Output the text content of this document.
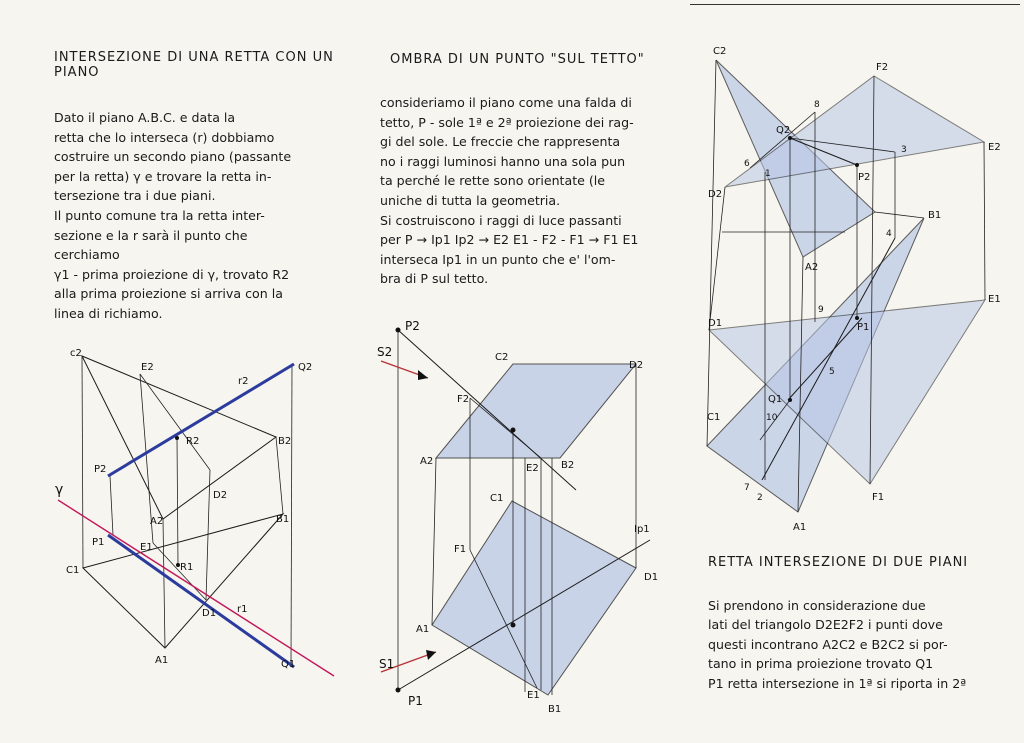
INTERSEZIONE DI UNA RETTA CON UN
PIANO
Dato il piano A.B.C. e data la
retta che lo interseca (r) dobbiamo
costruire un secondo piano (passante
per la retta) γ e trovare la retta in-
tersezione tra i due piani.
Il punto comune tra la retta inter-
sezione e la r sarà il punto che
cerchiamo
γ1 - prima proiezione di γ, trovato R2
alla prima proiezione si arriva con la
linea di richiamo.
OMBRA DI UN PUNTO "SUL TETTO"
consideriamo il piano come una falda di
tetto, P - sole 1ª e 2ª proiezione dei rag-
gi del sole. Le freccie che rappresenta
no i raggi luminosi hanno una sola pun
ta perché le rette sono orientate (le
uniche di tutta la geometria.
Si costruiscono i raggi di luce passanti
per P → Ip1 Ip2 → E2 E1 - F2 - F1 → F1 E1
interseca Ip1 in un punto che e' l'om-
bra di P sul tetto.
RETTA INTERSEZIONE DI DUE PIANI
Si prendono in considerazione due
lati del triangolo D2E2F2 i punti dove
questi incontrano A2C2 e B2C2 si por-
tano in prima proiezione trovato Q1
P1 retta intersezione in 1ª si riporta in 2ª
c2
E2
r2
Q2
γ
P2
R2	B2
D2
A2	B1
P1	E1
C1	R1
D1 r1
A1	Q1
P2
S2	C2
D2
F2
A2
E2 B2
C1
Ip1
F1
D1
A1
S1
P1	E1
B1
C2
F2
E2
8
Q2
3
6
1	P2
D2
B1
4
A2
E1
D1
9
P1
5
Q1
10
C1
7
2	F1
A1
